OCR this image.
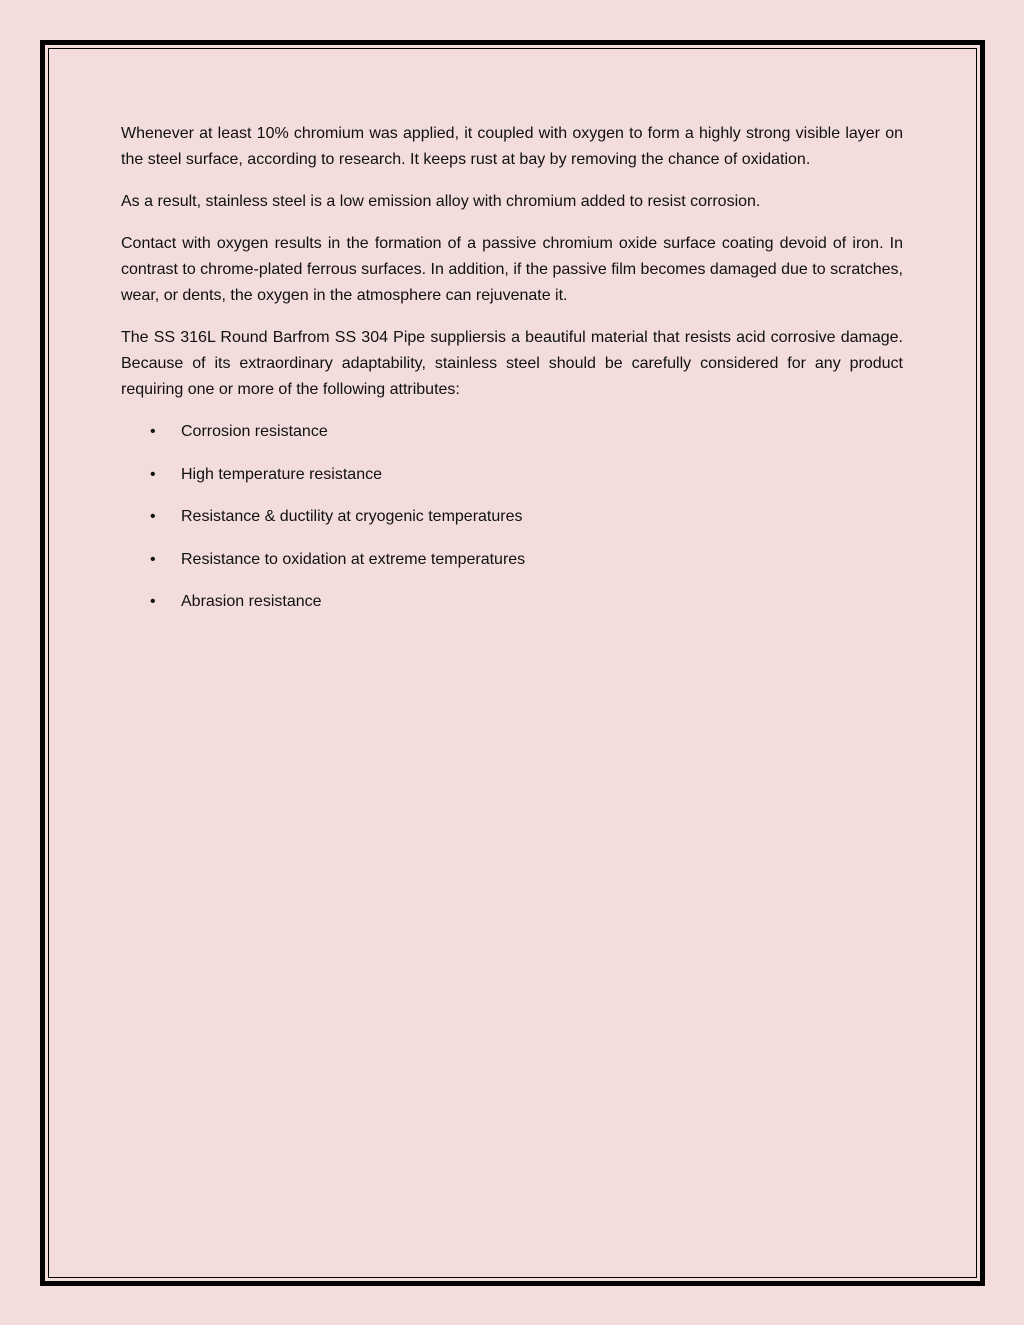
Whenever at least 10% chromium was applied, it coupled with oxygen to form a highly strong visible layer on the steel surface, according to research. It keeps rust at bay by removing the chance of oxidation.

As a result, stainless steel is a low emission alloy with chromium added to resist corrosion.

Contact with oxygen results in the formation of a passive chromium oxide surface coating devoid of iron. In contrast to chrome-plated ferrous surfaces. In addition, if the passive film becomes damaged due to scratches, wear, or dents, the oxygen in the atmosphere can rejuvenate it.

The SS 316L Round Barfrom SS 304 Pipe suppliersis a beautiful material that resists acid corrosive damage. Because of its extraordinary adaptability, stainless steel should be carefully considered for any product requiring one or more of the following attributes:

• Corrosion resistance
• High temperature resistance
• Resistance & ductility at cryogenic temperatures
• Resistance to oxidation at extreme temperatures
• Abrasion resistance
